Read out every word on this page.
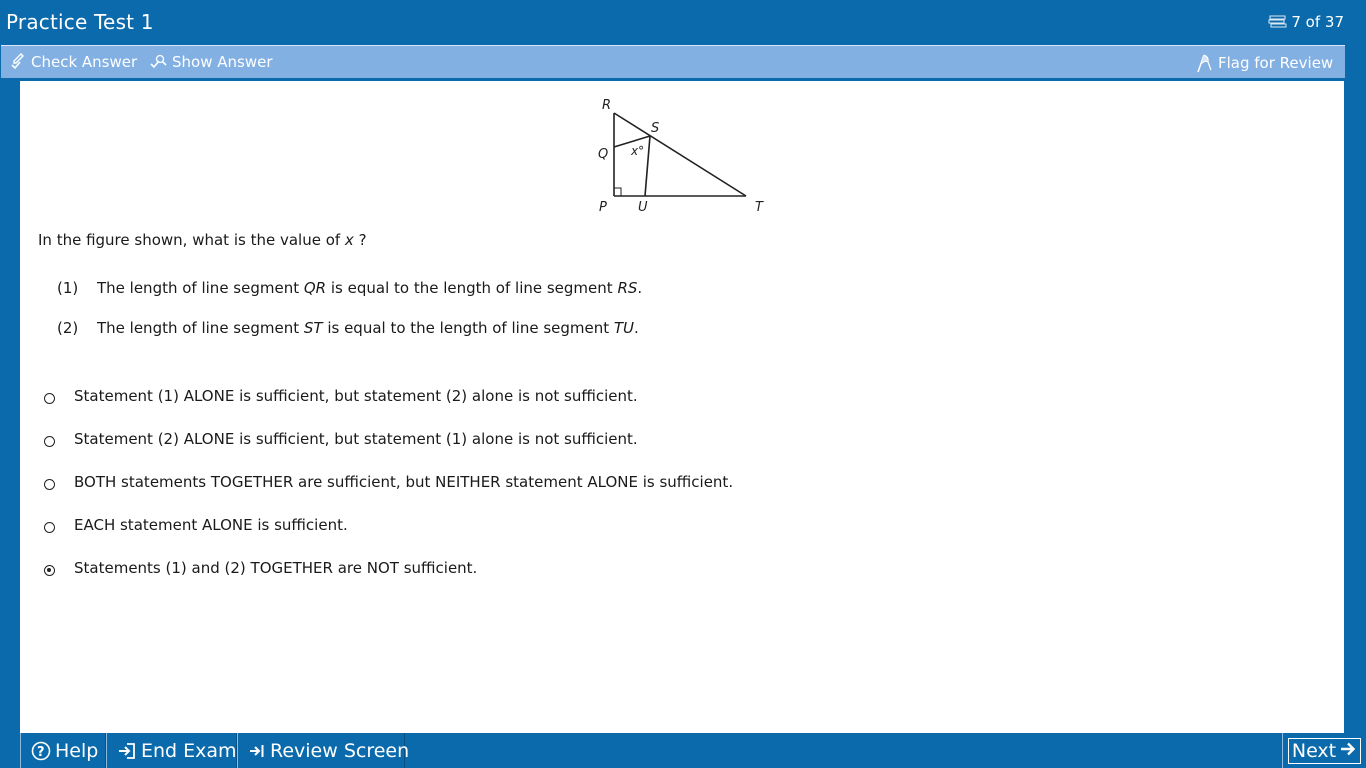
Practice Test 1	7 of 37
Check Answer Show Answer	Flag for Review
R
S
Q x°
P U	T
In the figure shown, what is the value of x ?
(1)	The length of line segment QR is equal to the length of line segment RS.
(2)	The length of line segment ST is equal to the length of line segment TU.
Statement (1) ALONE is sufficient, but statement (2) alone is not sufficient.
Statement (2) ALONE is sufficient, but statement (1) alone is not sufficient.
BOTH statements TOGETHER are sufficient, but NEITHER statement ALONE is sufficient.
EACH statement ALONE is sufficient.
Statements (1) and (2) TOGETHER are NOT sufficient.
? Help End Exam Review Screen	Next
